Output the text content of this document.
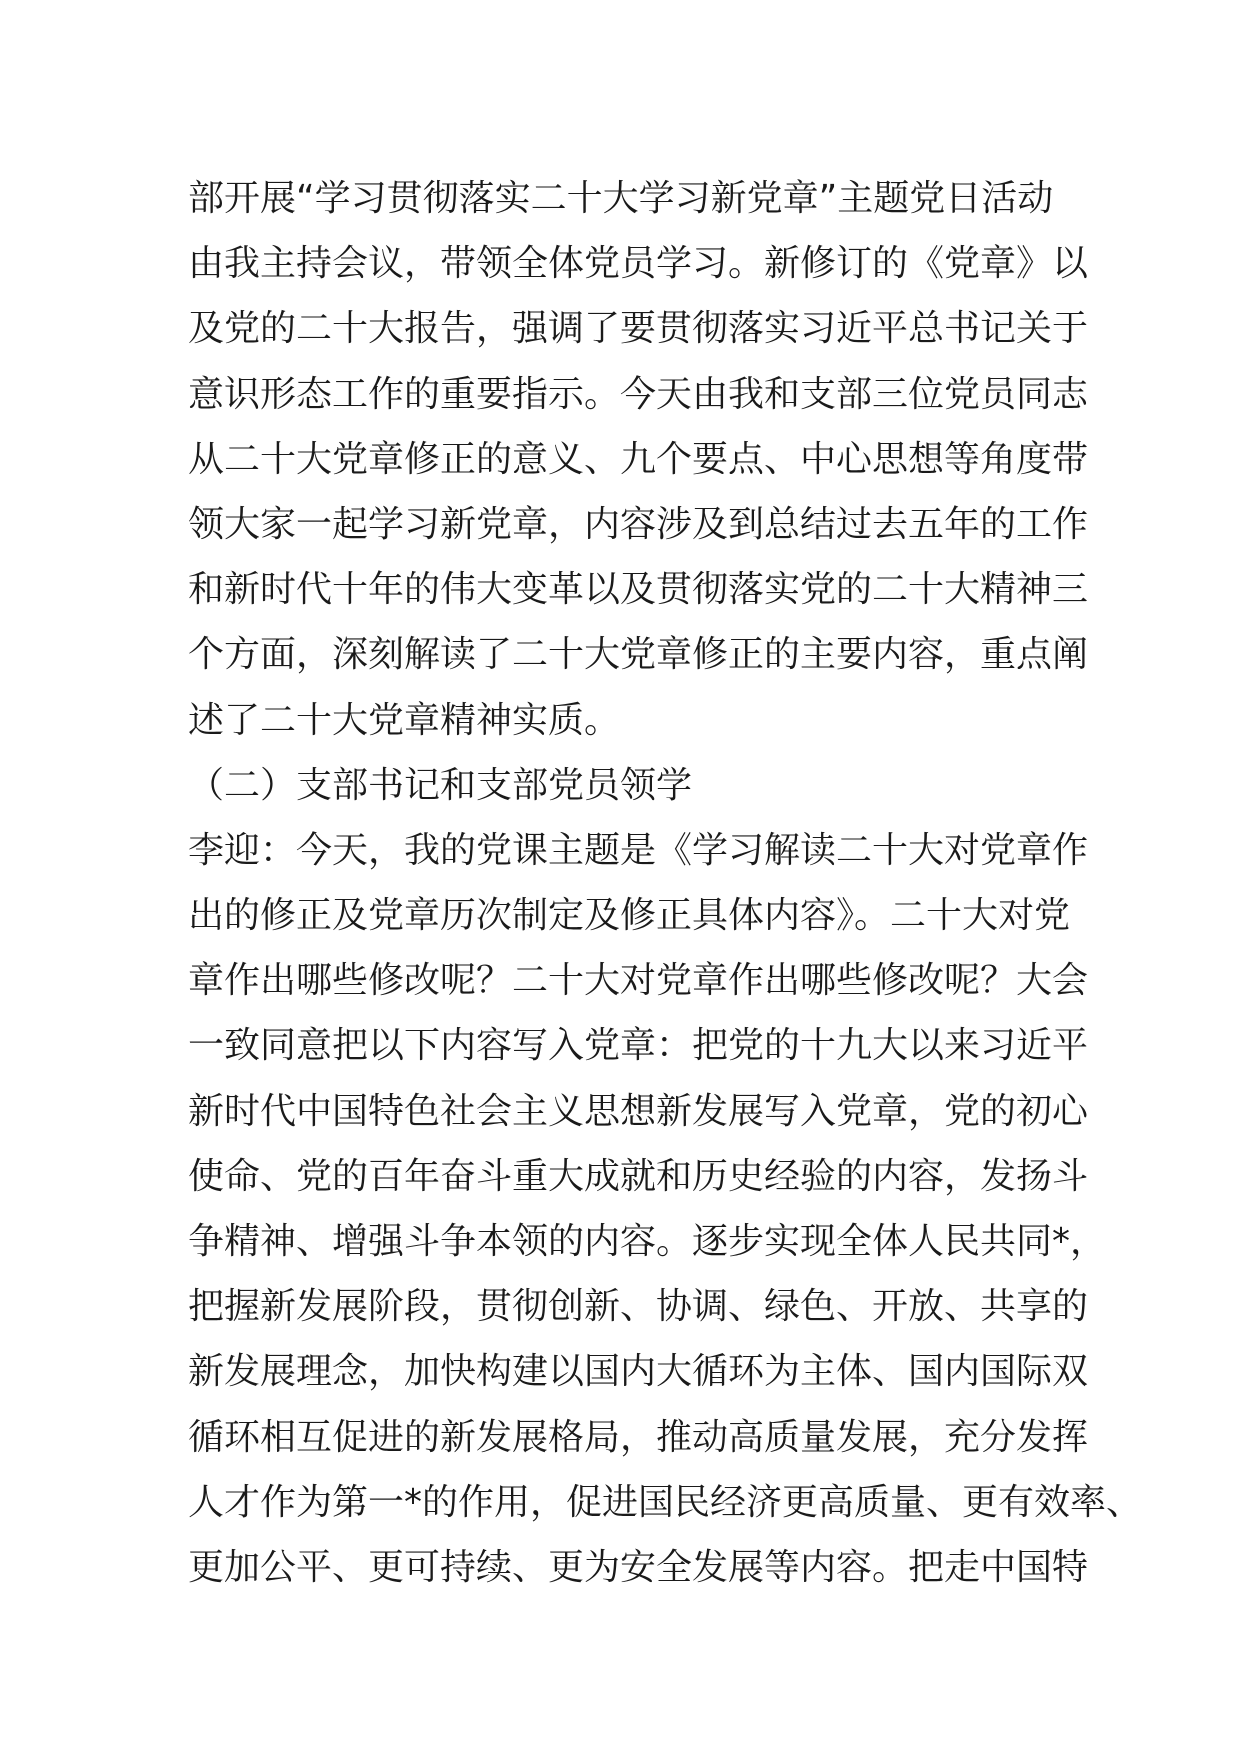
部开展“学习贯彻落实二十大学习新党章”主题党日活动
由我主持会议，带领全体党员学习。新修订的《党章》以
及党的二十大报告，强调了要贯彻落实习近平总书记关于
意识形态工作的重要指示。今天由我和支部三位党员同志
从二十大党章修正的意义、九个要点、中心思想等角度带
领大家一起学习新党章，内容涉及到总结过去五年的工作
和新时代十年的伟大变革以及贯彻落实党的二十大精神三
个方面，深刻解读了二十大党章修正的主要内容，重点阐
述了二十大党章精神实质。
（二）支部书记和支部党员领学
李迎：今天，我的党课主题是《学习解读二十大对党章作
出的修正及党章历次制定及修正具体内容》。二十大对党
章作出哪些修改呢？二十大对党章作出哪些修改呢？大会
一致同意把以下内容写入党章：把党的十九大以来习近平
新时代中国特色社会主义思想新发展写入党章，党的初心
使命、党的百年奋斗重大成就和历史经验的内容，发扬斗
争精神、增强斗争本领的内容。逐步实现全体人民共同*，
把握新发展阶段，贯彻创新、协调、绿色、开放、共享的
新发展理念，加快构建以国内大循环为主体、国内国际双
循环相互促进的新发展格局，推动高质量发展，充分发挥
人才作为第一*的作用，促进国民经济更高质量、更有效率、
更加公平、更可持续、更为安全发展等内容。把走中国特
